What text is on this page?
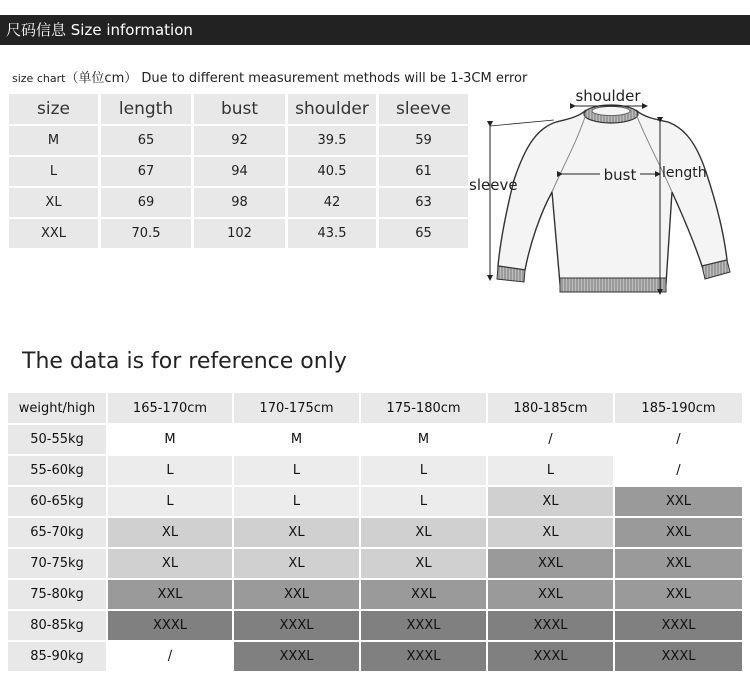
尺码信息 Size information
size chart（单位cm） Due to different measurement methods will be 1-3CM error
size	length	bust	shoulder	sleeve
M	65	92	39.5	59
L	67	94	40.5	61
XL	69	98	42	63
XXL	70.5	102	43.5	65
shoulder
sleeve
bust length
The data is for reference only
weight/high	165-170cm	170-175cm	175-180cm	180-185cm	185-190cm
50-55kg	M	M	M	/	/
55-60kg	L	L	L	L	/
60-65kg	L	L	L	XL	XXL
65-70kg	XL	XL	XL	XL	XXL
70-75kg	XL	XL	XL	XXL	XXL
75-80kg	XXL	XXL	XXL	XXL	XXL
80-85kg	XXXL	XXXL	XXXL	XXXL	XXXL
85-90kg	/	XXXL	XXXL	XXXL	XXXL
